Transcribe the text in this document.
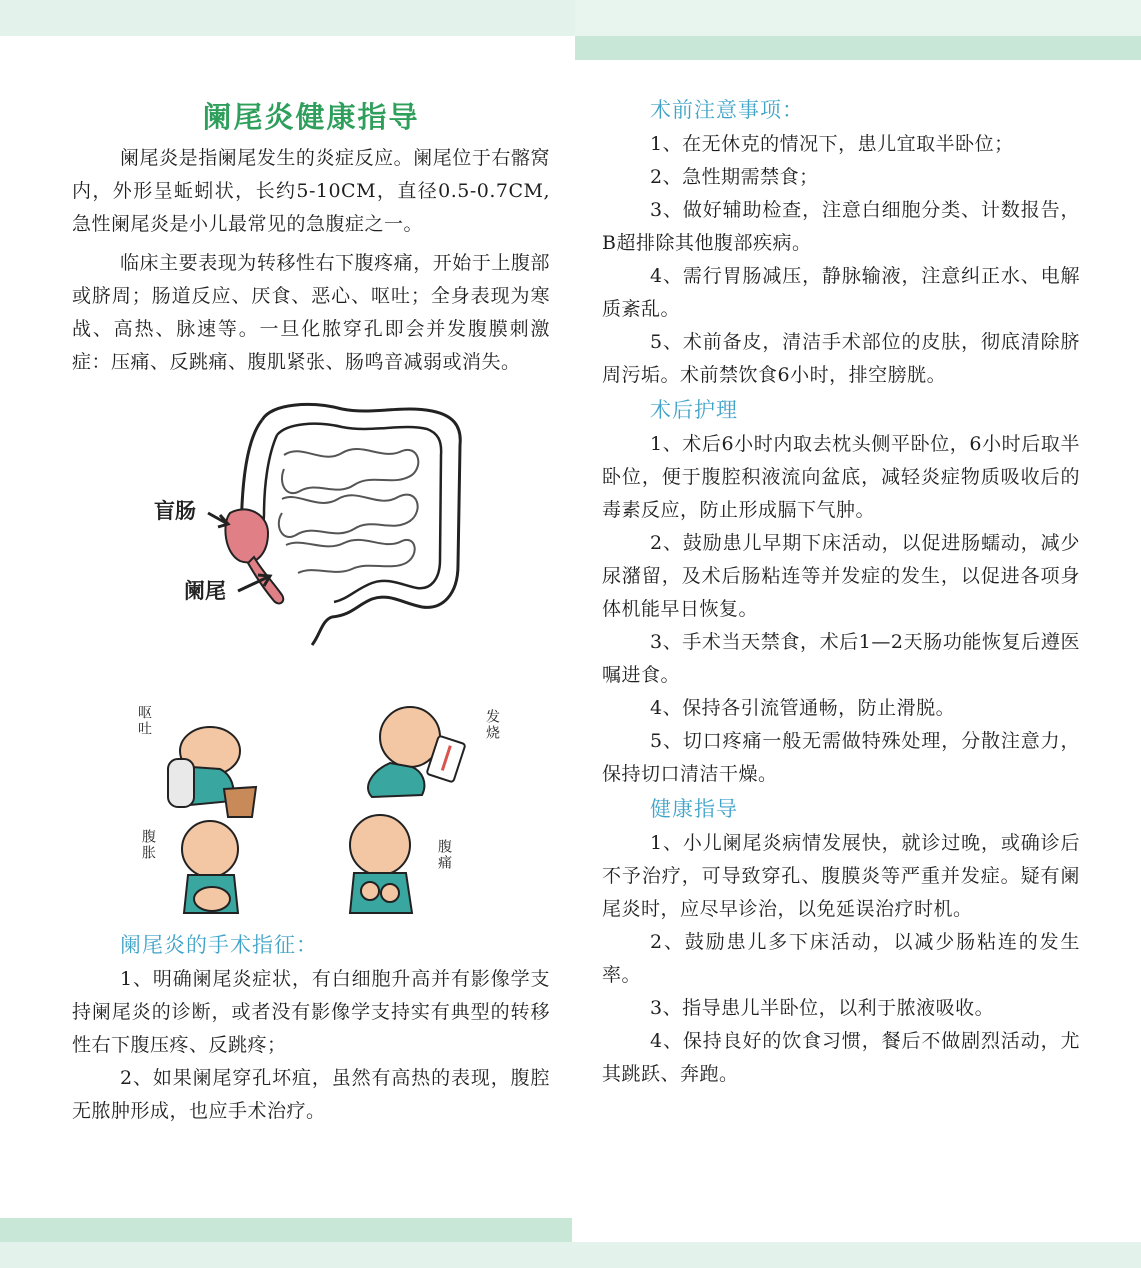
阑尾炎健康指导

阑尾炎是指阑尾发生的炎症反应。阑尾位于右髂窝内，外形呈蚯蚓状，长约5-10CM，直径0.5-0.7CM,急性阑尾炎是小儿最常见的急腹症之一。

临床主要表现为转移性右下腹疼痛，开始于上腹部或脐周；肠道反应、厌食、恶心、呕吐；全身表现为寒战、高热、脉速等。一旦化脓穿孔即会并发腹膜刺激症：压痛、反跳痛、腹肌紧张、肠鸣音减弱或消失。

盲肠
阑尾
呕吐	发烧
腹胀	腹痛
阑尾炎的手术指征：

1、明确阑尾炎症状，有白细胞升高并有影像学支持阑尾炎的诊断，或者没有影像学支持实有典型的转移性右下腹压疼、反跳疼；

2、如果阑尾穿孔坏疽，虽然有高热的表现，腹腔无脓肿形成，也应手术治疗。

术前注意事项：

1、在无休克的情况下，患儿宜取半卧位；

2、急性期需禁食；

3、做好辅助检查，注意白细胞分类、计数报告，B超排除其他腹部疾病。

4、需行胃肠减压，静脉输液，注意纠正水、电解质紊乱。

5、术前备皮，清洁手术部位的皮肤，彻底清除脐周污垢。术前禁饮食6小时，排空膀胱。

术后护理

1、术后6小时内取去枕头侧平卧位，6小时后取半卧位，便于腹腔积液流向盆底，减轻炎症物质吸收后的毒素反应，防止形成膈下气肿。

2、鼓励患儿早期下床活动，以促进肠蠕动，减少尿潴留，及术后肠粘连等并发症的发生，以促进各项身体机能早日恢复。

3、手术当天禁食，术后1—2天肠功能恢复后遵医嘱进食。

4、保持各引流管通畅，防止滑脱。

5、切口疼痛一般无需做特殊处理，分散注意力，保持切口清洁干燥。

健康指导

1、小儿阑尾炎病情发展快，就诊过晚，或确诊后不予治疗，可导致穿孔、腹膜炎等严重并发症。疑有阑尾炎时，应尽早诊治，以免延误治疗时机。

2、鼓励患儿多下床活动，以减少肠粘连的发生率。

3、指导患儿半卧位，以利于脓液吸收。

4、保持良好的饮食习惯，餐后不做剧烈活动，尤其跳跃、奔跑。
